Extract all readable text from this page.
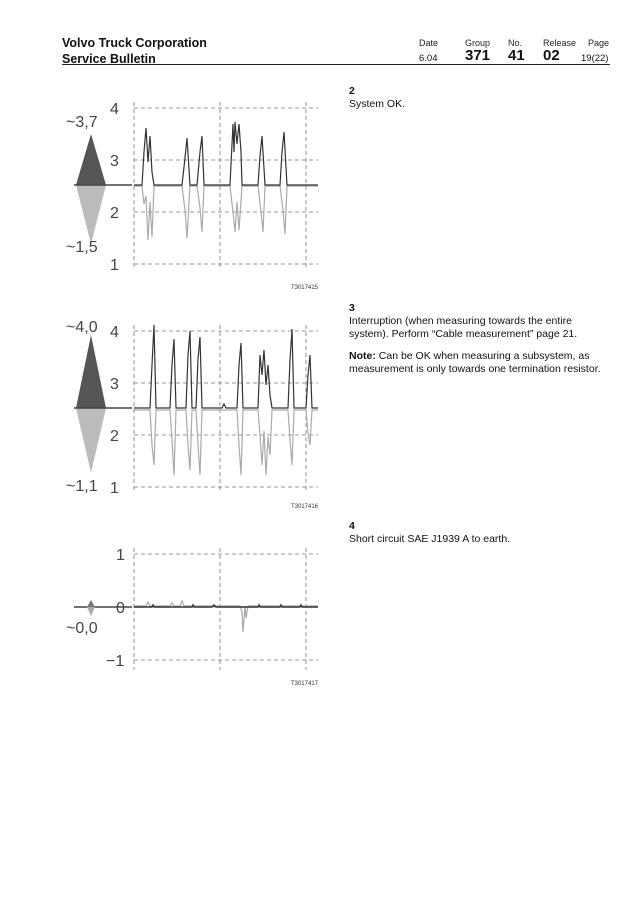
Volvo Truck Corporation
Service Bulletin
Date
6.04
Group
371
No.
41
Release
02
Page
19(22)
4
3
2
1
~3,7
~1,5
T3017415
4
3
2
1
~4,0
~1,1
T3017416
1
0
−1
~0,0
T3017417
2
System OK.
3
Interruption (when measuring towards the entire system). Perform “Cable measurement” page 21.
Note: Can be OK when measuring a subsystem, as measurement is only towards one termination resistor.
4
Short circuit SAE J1939 A to earth.
